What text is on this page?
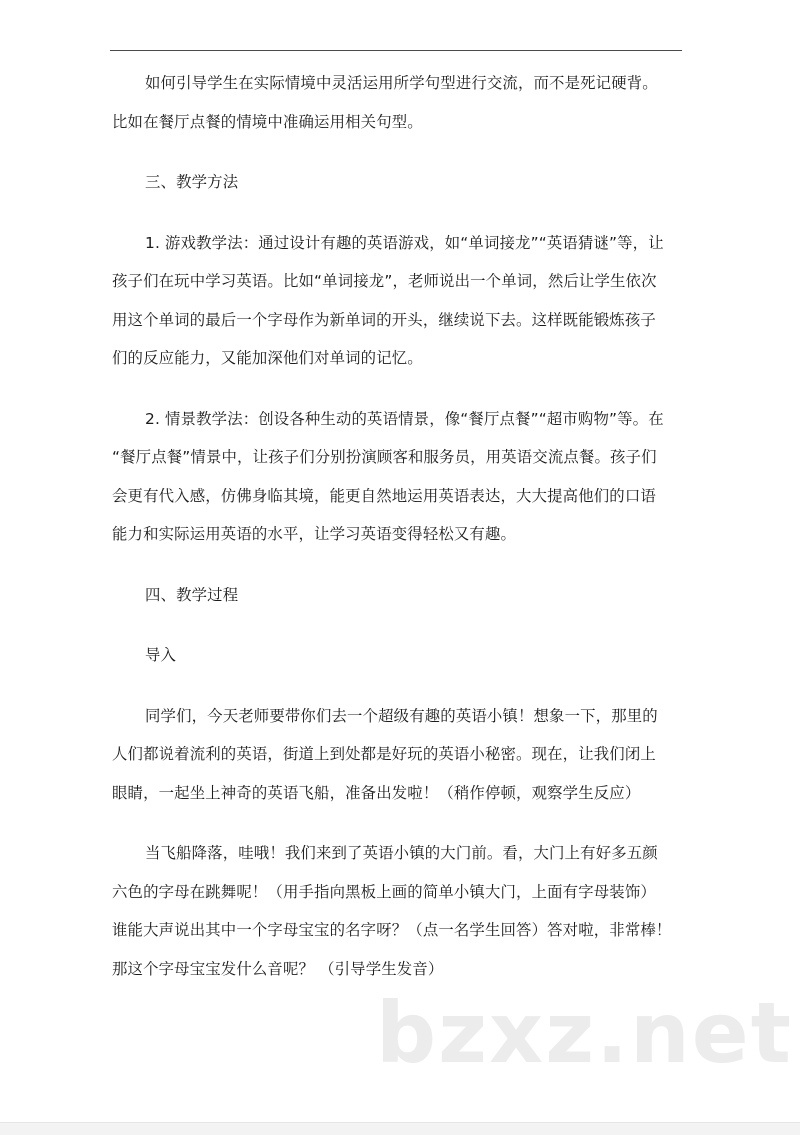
如何引导学生在实际情境中灵活运用所学句型进行交流，而不是死记硬背。
比如在餐厅点餐的情境中准确运用相关句型。
三、教学方法
1. 游戏教学法：通过设计有趣的英语游戏，如“单词接龙”“英语猜谜”等，让
孩子们在玩中学习英语。比如“单词接龙”，老师说出一个单词，然后让学生依次
用这个单词的最后一个字母作为新单词的开头，继续说下去。这样既能锻炼孩子
们的反应能力，又能加深他们对单词的记忆。
2. 情景教学法：创设各种生动的英语情景，像“餐厅点餐”“超市购物”等。在
“餐厅点餐”情景中，让孩子们分别扮演顾客和服务员，用英语交流点餐。孩子们
会更有代入感，仿佛身临其境，能更自然地运用英语表达，大大提高他们的口语
能力和实际运用英语的水平，让学习英语变得轻松又有趣。
四、教学过程
导入
同学们，今天老师要带你们去一个超级有趣的英语小镇！想象一下，那里的
人们都说着流利的英语，街道上到处都是好玩的英语小秘密。现在，让我们闭上
眼睛，一起坐上神奇的英语飞船，准备出发啦！（稍作停顿，观察学生反应）
当飞船降落，哇哦！我们来到了英语小镇的大门前。看，大门上有好多五颜
六色的字母在跳舞呢！（用手指向黑板上画的简单小镇大门，上面有字母装饰）
谁能大声说出其中一个字母宝宝的名字呀？（点一名学生回答）答对啦，非常棒！
那这个字母宝宝发什么音呢？ （引导学生发音）
bzxz.net
